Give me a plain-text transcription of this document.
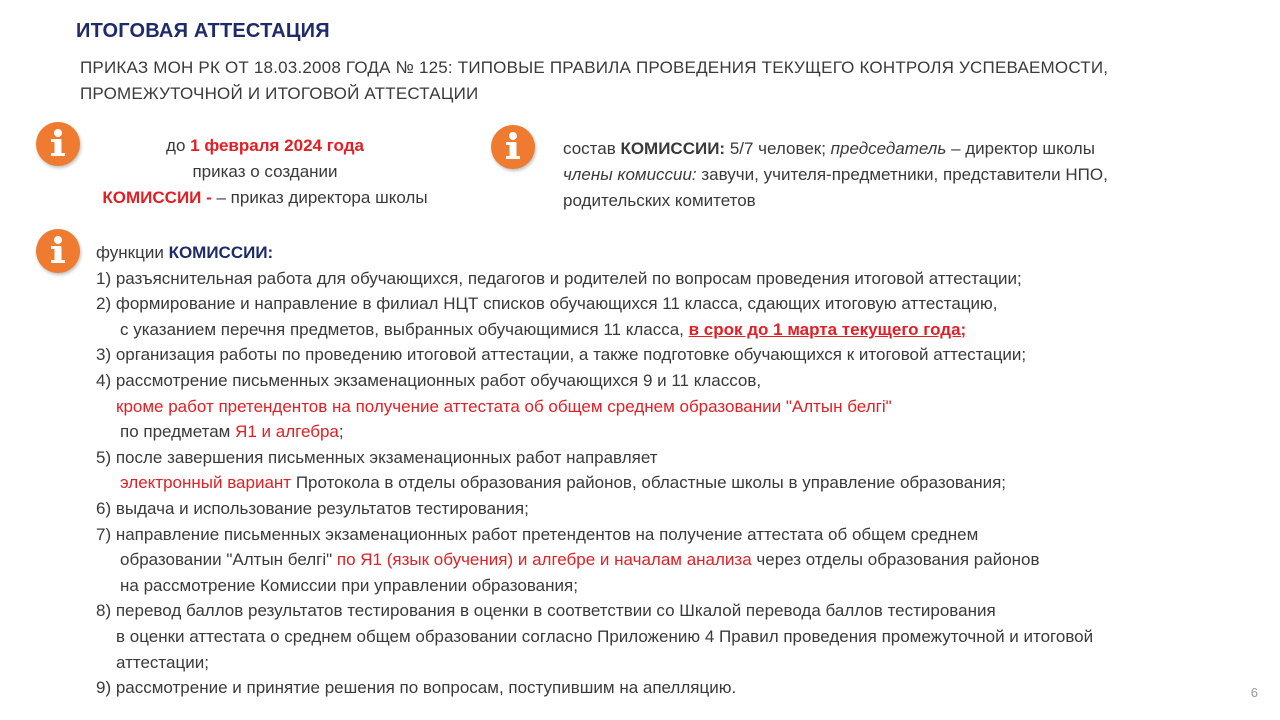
ИТОГОВАЯ АТТЕСТАЦИЯ
ПРИКАЗ МОН РК ОТ 18.03.2008 ГОДА № 125: ТИПОВЫЕ ПРАВИЛА ПРОВЕДЕНИЯ ТЕКУЩЕГО КОНТРОЛЯ УСПЕВАЕМОСТИ,
ПРОМЕЖУТОЧНОЙ И ИТОГОВОЙ АТТЕСТАЦИИ
до 1 февраля 2024 года
приказ о создании
КОМИССИИ - – приказ директора школы
состав КОМИССИИ: 5/7 человек; председатель – директор школы
члены комиссии: завучи, учителя-предметники, представители НПО,
родительских комитетов
функции КОМИССИИ:
1) разъяснительная работа для обучающихся, педагогов и родителей по вопросам проведения итоговой аттестации;
2) формирование и направление в филиал НЦТ списков обучающихся 11 класса, сдающих итоговую аттестацию,
с указанием перечня предметов, выбранных обучающимися 11 класса, в срок до 1 марта текущего года;
3) организация работы по проведению итоговой аттестации, а также подготовке обучающихся к итоговой аттестации;
4) рассмотрение письменных экзаменационных работ обучающихся 9 и 11 классов,
кроме работ претендентов на получение аттестата об общем среднем образовании "Алтын белгі"
по предметам Я1 и алгебра;
5) после завершения письменных экзаменационных работ направляет
электронный вариант Протокола в отделы образования районов, областные школы в управление образования;
6) выдача и использование результатов тестирования;
7) направление письменных экзаменационных работ претендентов на получение аттестата об общем среднем
образовании "Алтын белгі" по Я1 (язык обучения) и алгебре и началам анализа через отделы образования районов
на рассмотрение Комиссии при управлении образования;
8) перевод баллов результатов тестирования в оценки в соответствии со Шкалой перевода баллов тестирования
в оценки аттестата о среднем общем образовании согласно Приложению 4 Правил проведения промежуточной и итоговой
аттестации;
9) рассмотрение и принятие решения по вопросам, поступившим на апелляцию.	6
